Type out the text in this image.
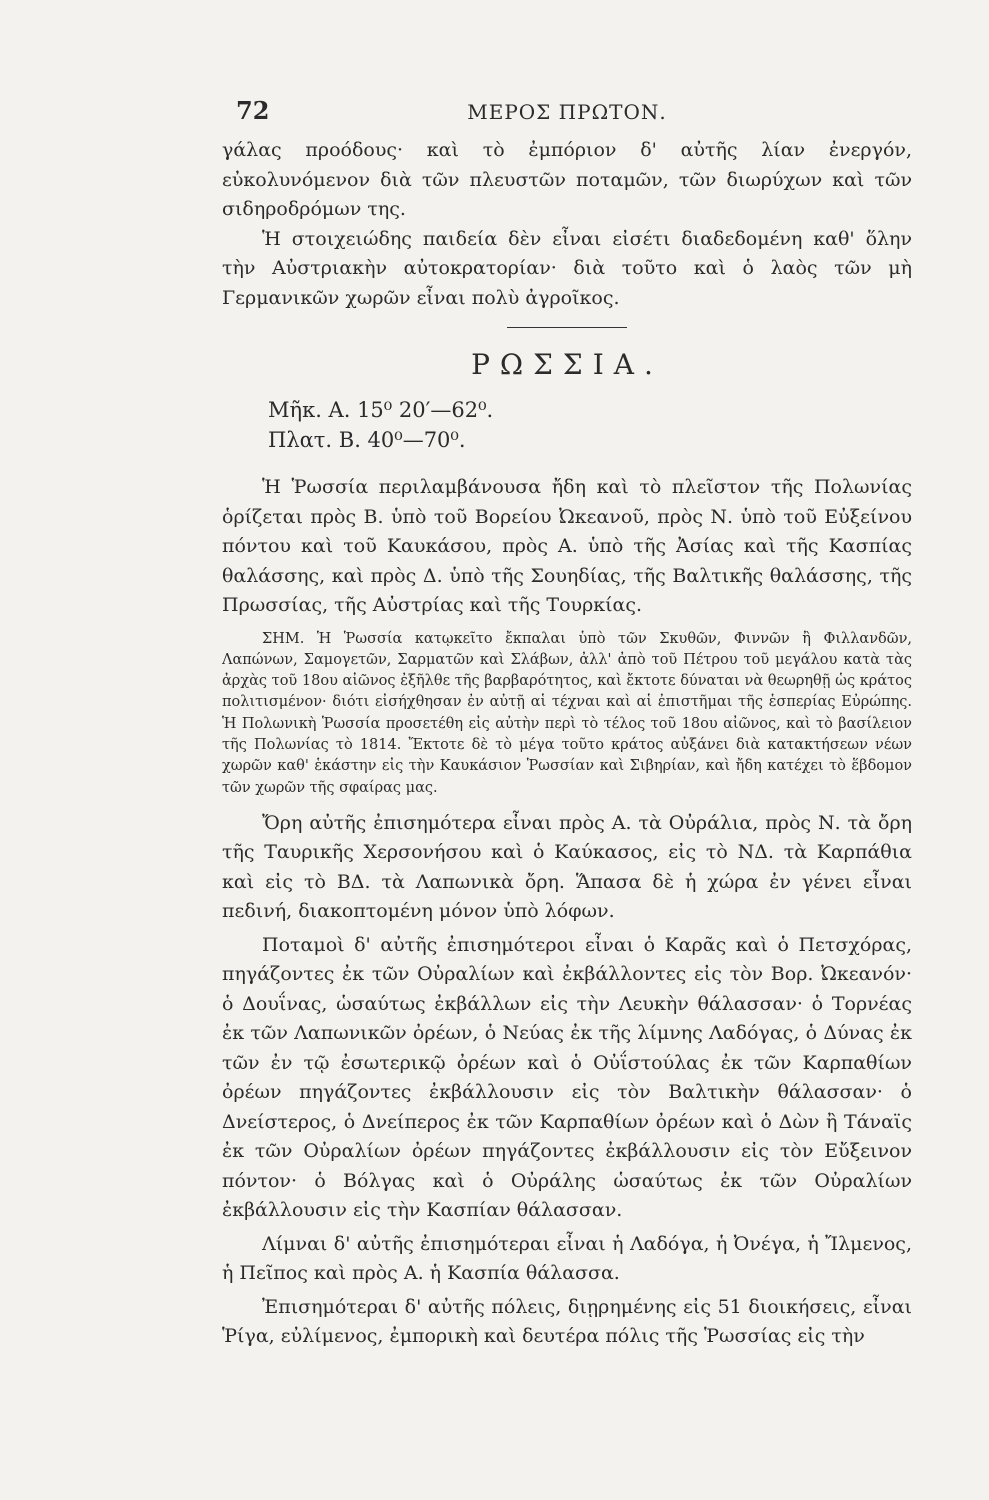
72	ΜΕΡΟΣ ΠΡΩΤΟΝ.

γάλας προόδους· καὶ τὸ ἐμπόριον δ' αὐτῆς λίαν ἐνεργόν, εὐκολυνόμενον διὰ τῶν πλευστῶν ποταμῶν, τῶν διωρύχων καὶ τῶν σιδηροδρόμων της.

Ἡ στοιχειώδης παιδεία δὲν εἶναι εἰσέτι διαδεδομένη καθ' ὅλην τὴν Αὐστριακὴν αὐτοκρατορίαν· διὰ τοῦτο καὶ ὁ λαὸς τῶν μὴ Γερμανικῶν χωρῶν εἶναι πολὺ ἀγροῖκος.

ΡΩΣΣΙΑ.
Μῆκ. Α. 15⁰ 20′—62⁰.
Πλατ. Β. 40⁰—70⁰.

Ἡ Ῥωσσία περιλαμβάνουσα ἤδη καὶ τὸ πλεῖστον τῆς Πολωνίας ὁρίζεται πρὸς Β. ὑπὸ τοῦ Βορείου Ὠκεανοῦ, πρὸς Ν. ὑπὸ τοῦ Εὐξείνου πόντου καὶ τοῦ Καυκάσου, πρὸς Α. ὑπὸ τῆς Ἀσίας καὶ τῆς Κασπίας θαλάσσης, καὶ πρὸς Δ. ὑπὸ τῆς Σουηδίας, τῆς Βαλτικῆς θαλάσσης, τῆς Πρωσσίας, τῆς Αὐστρίας καὶ τῆς Τουρκίας.

ΣΗΜ. Ἡ Ῥωσσία κατῳκεῖτο ἔκπαλαι ὑπὸ τῶν Σκυθῶν, Φιννῶν ἢ Φιλλανδῶν, Λαπώνων, Σαμογετῶν, Σαρματῶν καὶ Σλάβων, ἀλλ' ἀπὸ τοῦ Πέτρου τοῦ μεγάλου κατὰ τὰς ἀρχὰς τοῦ 18ου αἰῶνος ἐξῆλθε τῆς βαρβαρότητος, καὶ ἔκτοτε δύναται νὰ θεωρηθῇ ὡς κράτος πολιτισμένον· διότι εἰσήχθησαν ἐν αὐτῇ αἱ τέχναι καὶ αἱ ἐπιστῆμαι τῆς ἑσπερίας Εὐρώπης. Ἡ Πολωνικὴ Ῥωσσία προσετέθη εἰς αὐτὴν περὶ τὸ τέλος τοῦ 18ου αἰῶνος, καὶ τὸ βασίλειον τῆς Πολωνίας τὸ 1814. Ἔκτοτε δὲ τὸ μέγα τοῦτο κράτος αὐξάνει διὰ κατακτήσεων νέων χωρῶν καθ' ἑκάστην εἰς τὴν Καυκάσιον Ῥωσσίαν καὶ Σιβηρίαν, καὶ ἤδη κατέχει τὸ ἕβδομον τῶν χωρῶν τῆς σφαίρας μας.

Ὄρη αὐτῆς ἐπισημότερα εἶναι πρὸς Α. τὰ Οὐράλια, πρὸς Ν. τὰ ὄρη τῆς Ταυρικῆς Χερσονήσου καὶ ὁ Καύκασος, εἰς τὸ ΝΔ. τὰ Καρπάθια καὶ εἰς τὸ ΒΔ. τὰ Λαπωνικὰ ὄρη. Ἅπασα δὲ ἡ χώρα ἐν γένει εἶναι πεδινή, διακοπτομένη μόνον ὑπὸ λόφων.

Ποταμοὶ δ' αὐτῆς ἐπισημότεροι εἶναι ὁ Καρᾶς καὶ ὁ Πετσχόρας, πηγάζοντες ἐκ τῶν Οὐραλίων καὶ ἐκβάλλοντες εἰς τὸν Βορ. Ὠκεανόν· ὁ Δουΐνας, ὡσαύτως ἐκβάλλων εἰς τὴν Λευκὴν θάλασσαν· ὁ Τορνέας ἐκ τῶν Λαπωνικῶν ὀρέων, ὁ Νεύας ἐκ τῆς λίμνης Λαδόγας, ὁ Δύνας ἐκ τῶν ἐν τῷ ἐσωτερικῷ ὀρέων καὶ ὁ Οὐΐστούλας ἐκ τῶν Καρπαθίων ὀρέων πηγάζοντες ἐκβάλλουσιν εἰς τὸν Βαλτικὴν θάλασσαν· ὁ Δνείστερος, ὁ Δνείπερος ἐκ τῶν Καρπαθίων ὀρέων καὶ ὁ Δὼν ἢ Τάναϊς ἐκ τῶν Οὐραλίων ὀρέων πηγάζοντες ἐκβάλλουσιν εἰς τὸν Εὔξεινον πόντον· ὁ Βόλγας καὶ ὁ Οὐράλης ὡσαύτως ἐκ τῶν Οὐραλίων ἐκβάλλουσιν εἰς τὴν Κασπίαν θάλασσαν.

Λίμναι δ' αὐτῆς ἐπισημότεραι εἶναι ἡ Λαδόγα, ἡ Ὀνέγα, ἡ Ἴλμενος, ἡ Πεῖπος καὶ πρὸς Α. ἡ Κασπία θάλασσα.

Ἐπισημότεραι δ' αὐτῆς πόλεις, διῃρημένης εἰς 51 διοικήσεις, εἶναι Ῥίγα, εὐλίμενος, ἐμπορικὴ καὶ δευτέρα πόλις τῆς Ῥωσσίας εἰς τὴν
